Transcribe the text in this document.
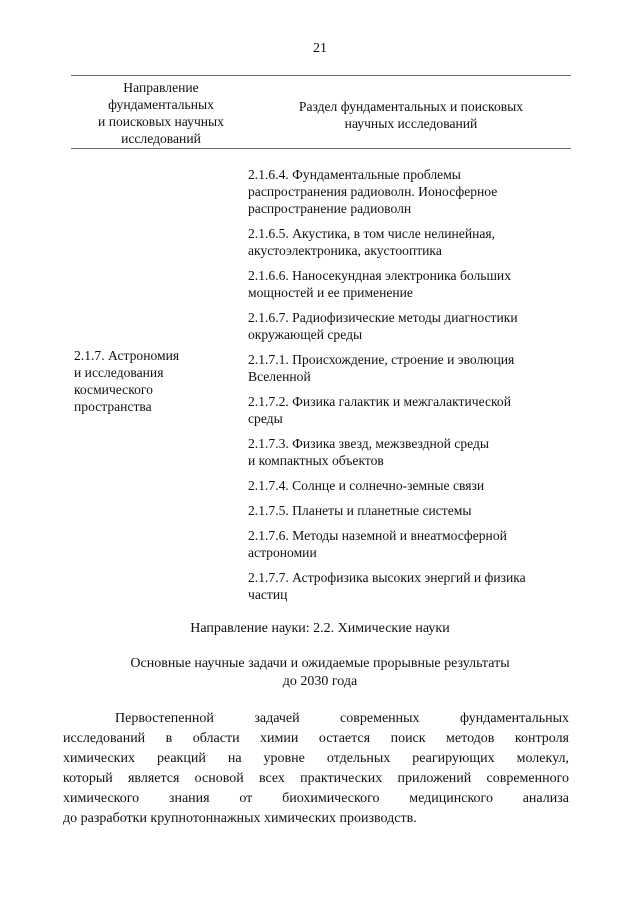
21
Направление
фундаментальных
и поисковых научных
исследований
Раздел фундаментальных и поисковых
научных исследований
2.1.7. Астрономия
и исследования
космического
пространства
2.1.6.4. Фундаментальные проблемы
распространения радиоволн. Ионосферное
распространение радиоволн
2.1.6.5. Акустика, в том числе нелинейная,
акустоэлектроника, акустооптика
2.1.6.6. Наносекундная электроника больших
мощностей и ее применение
2.1.6.7. Радиофизические методы диагностики
окружающей среды
2.1.7.1. Происхождение, строение и эволюция
Вселенной
2.1.7.2. Физика галактик и межгалактической
среды
2.1.7.3. Физика звезд, межзвездной среды
и компактных объектов
2.1.7.4. Солнце и солнечно-земные связи
2.1.7.5. Планеты и планетные системы
2.1.7.6. Методы наземной и внеатмосферной
астрономии
2.1.7.7. Астрофизика высоких энергий и физика
частиц
Направление науки: 2.2. Химические науки
Основные научные задачи и ожидаемые прорывные результаты
до 2030 года
Первостепенной задачей современных фундаментальных
исследований в области химии остается поиск методов контроля
химических реакций на уровне отдельных реагирующих молекул,
который является основой всех практических приложений современного
химического знания от биохимического медицинского анализа
до разработки крупнотоннажных химических производств.
